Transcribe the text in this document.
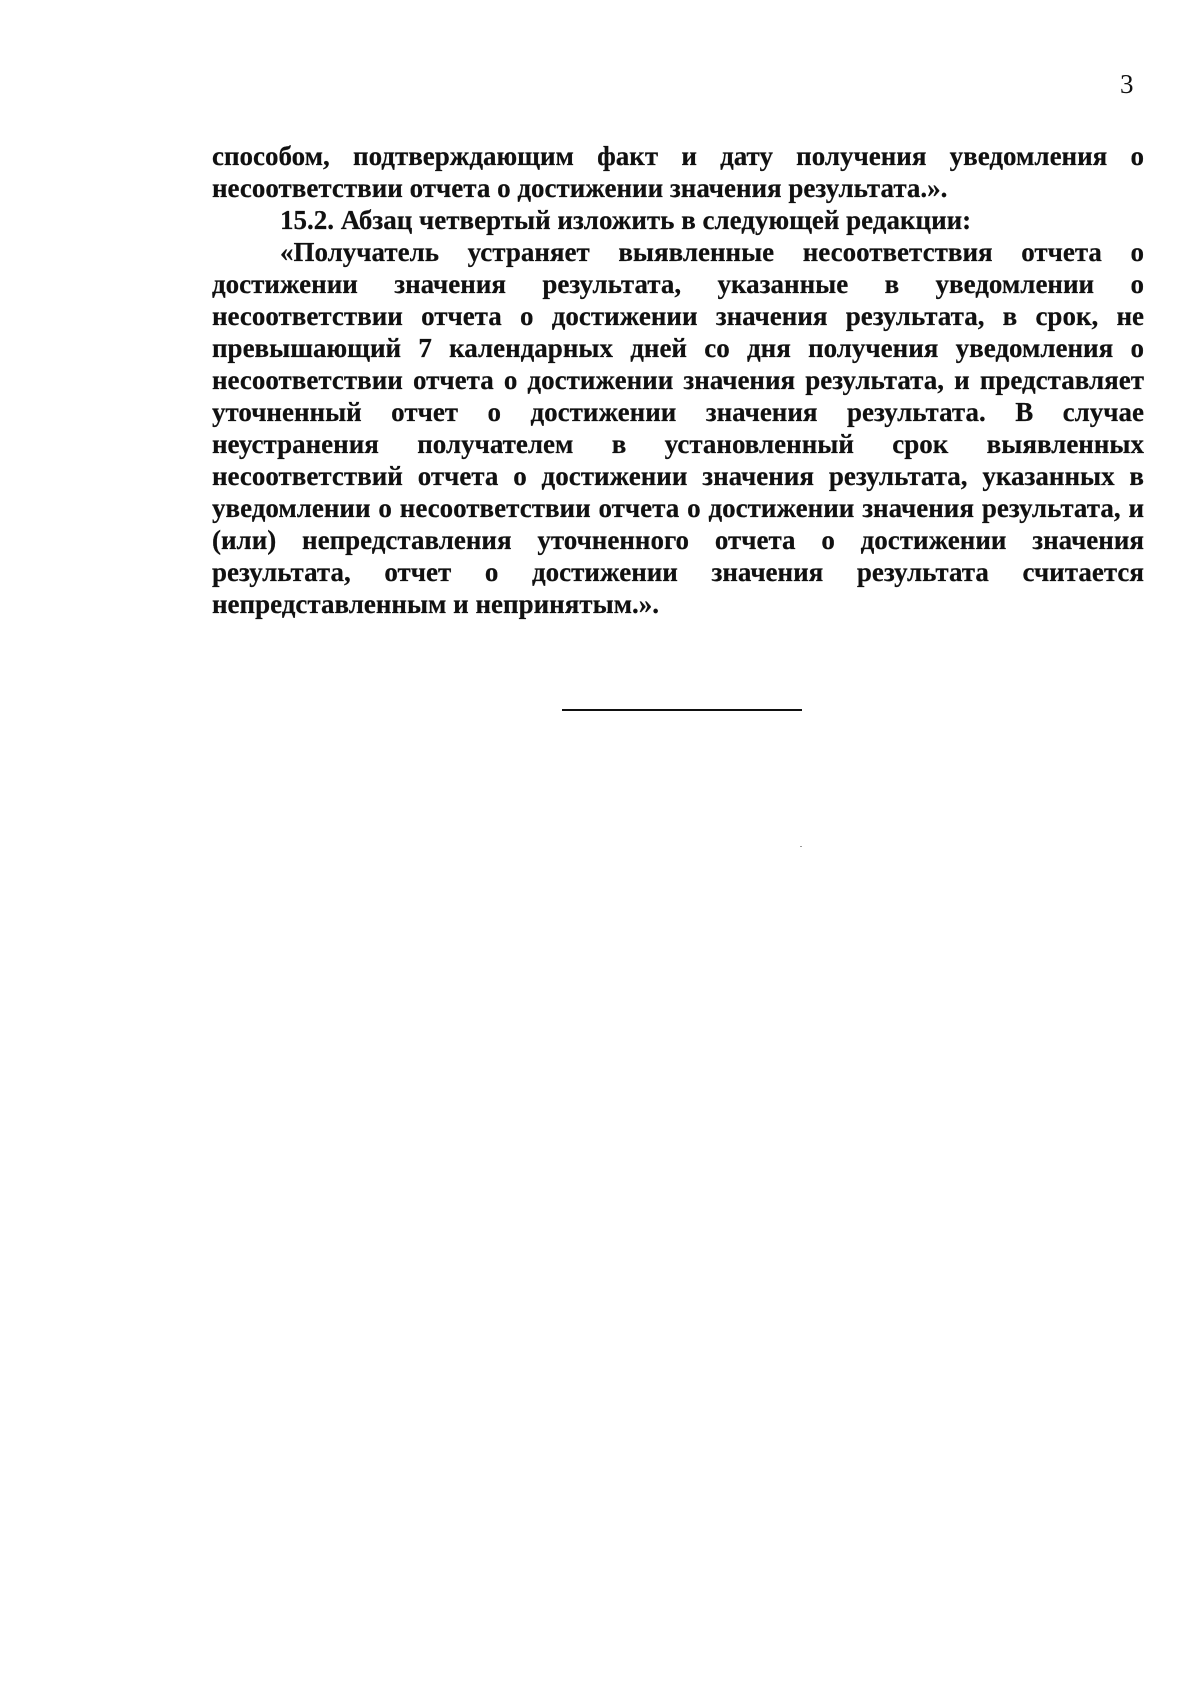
3

способом, подтверждающим факт и дату получения уведомления о несоответствии отчета о достижении значения результата.».

15.2. Абзац четвертый изложить в следующей редакции:

«Получатель устраняет выявленные несоответствия отчета о достижении значения результата, указанные в уведомлении о несоответствии отчета о достижении значения результата, в срок, не превышающий 7 календарных дней со дня получения уведомления о несоответствии отчета о достижении значения результата, и представляет уточненный отчет о достижении значения результата. В случае неустранения получателем в установленный срок выявленных несоответствий отчета о достижении значения результата, указанных в уведомлении о несоответствии отчета о достижении значения результата, и (или) непредставления уточненного отчета о достижении значения результата, отчет о достижении значения результата считается непредставленным и непринятым.».
